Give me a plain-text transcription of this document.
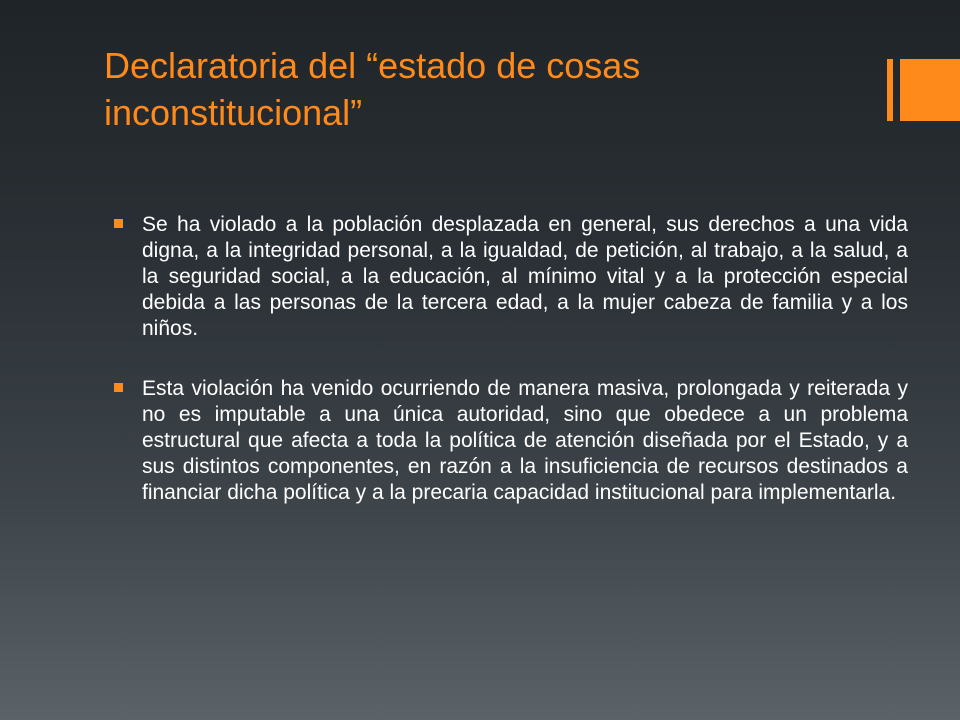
Declaratoria del “estado de cosas
inconstitucional”
Se ha violado a la población desplazada en general, sus derechos a una vida digna, a la integridad personal, a la igualdad, de petición, al trabajo, a la salud, a la seguridad social, a la educación, al mínimo vital y a la protección especial debida a las personas de la tercera edad, a la mujer cabeza de familia y a los niños.
Esta violación ha venido ocurriendo de manera masiva, prolongada y reiterada y no es imputable a una única autoridad, sino que obedece a un problema estructural que afecta a toda la política de atención diseñada por el Estado, y a sus distintos componentes, en razón a la insuficiencia de recursos destinados a financiar dicha política y a la precaria capacidad institucional para implementarla.
